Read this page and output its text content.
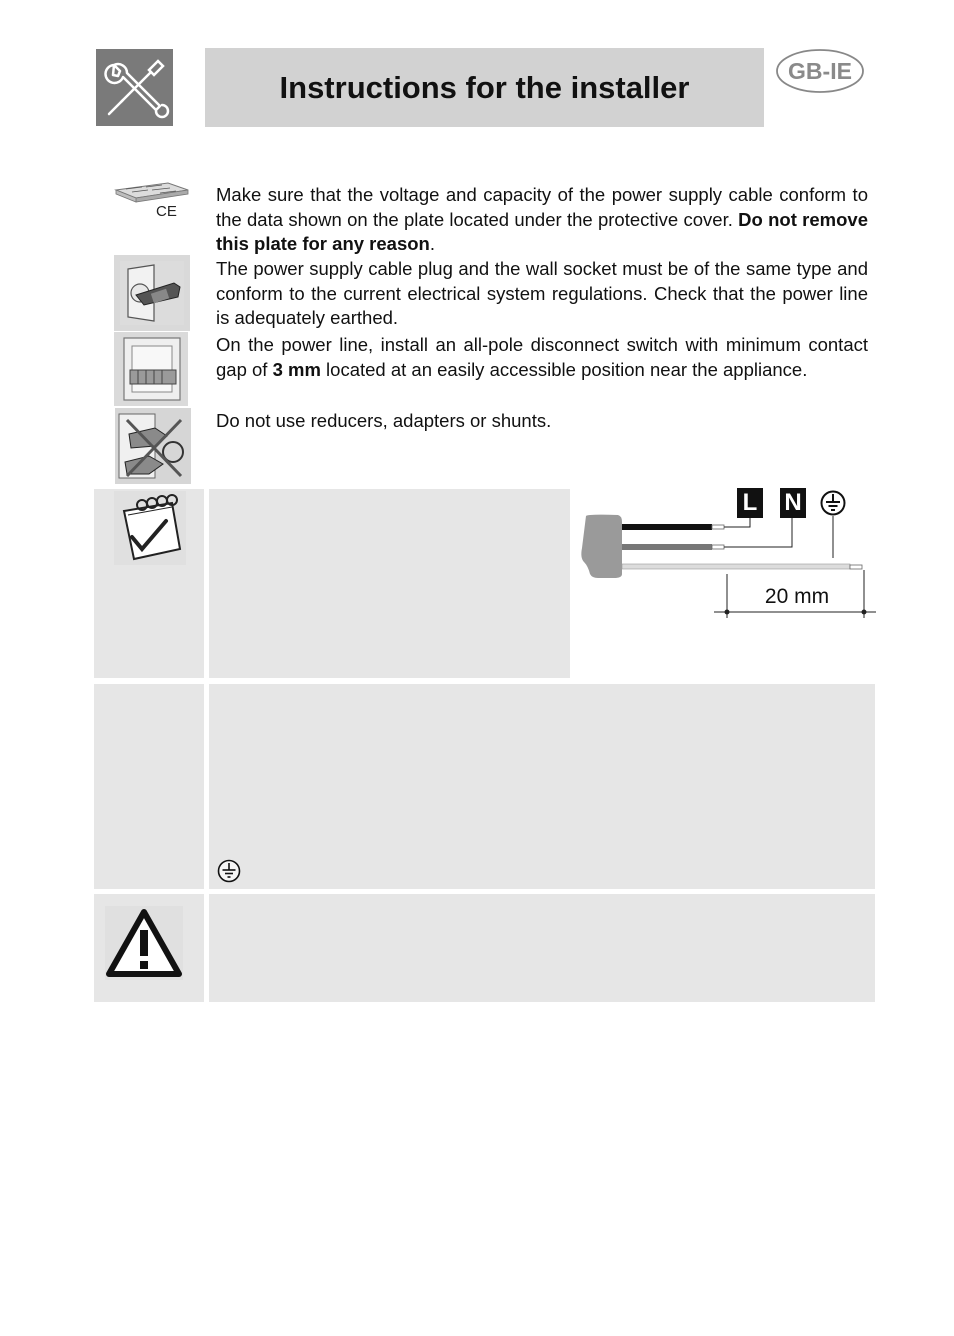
Instructions for the installer	GB-IE
CE
Make sure that the voltage and capacity of the power supply cable conform to the data shown on the plate located under the protective cover. Do not remove this plate for any reason.
The power supply cable plug and the wall socket must be of the same type and conform to the current electrical system regulations. Check that the power line is adequately earthed.
On the power line, install an all-pole disconnect switch with minimum contact gap of 3 mm located at an easily accessible position near the appliance.
Do not use reducers, adapters or shunts.
L N
20 mm
